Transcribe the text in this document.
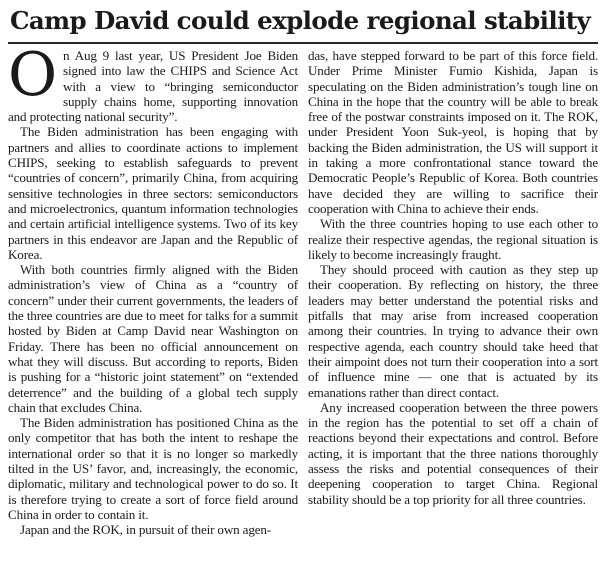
Camp David could explode regional stability

On Aug 9 last year, US President Joe Biden signed into law the CHIPS and Science Act with a view to “bringing semiconductor supply chains home, supporting innovation and protecting national security”.

The Biden administration has been engaging with partners and allies to coordinate actions to implement CHIPS, seeking to establish safeguards to prevent “countries of concern”, primarily China, from acquiring sensitive technologies in three sectors: semiconductors and microelectronics, quantum information technologies and certain artificial intelligence systems. Two of its key partners in this endeavor are Japan and the Republic of Korea.

With both countries firmly aligned with the Biden administration’s view of China as a “country of concern” under their current governments, the leaders of the three countries are due to meet for talks for a summit hosted by Biden at Camp David near Washington on Friday. There has been no official announcement on what they will discuss. But according to reports, Biden is pushing for a “historic joint statement” on “extended deterrence” and the building of a global tech supply chain that excludes China.

The Biden administration has positioned China as the only competitor that has both the intent to reshape the international order so that it is no longer so markedly tilted in the US’ favor, and, increasingly, the economic, diplomatic, military and technological power to do so. It is therefore trying to create a sort of force field around China in order to contain it.

Japan and the ROK, in pursuit of their own agen-

das, have stepped forward to be part of this force field. Under Prime Minister Fumio Kishida, Japan is speculating on the Biden administration’s tough line on China in the hope that the country will be able to break free of the postwar constraints imposed on it. The ROK, under President Yoon Suk-yeol, is hoping that by backing the Biden administration, the US will support it in taking a more confrontational stance toward the Democratic People’s Republic of Korea. Both countries have decided they are willing to sacrifice their cooperation with China to achieve their ends.

With the three countries hoping to use each other to realize their respective agendas, the regional situation is likely to become increasingly fraught.

They should proceed with caution as they step up their cooperation. By reflecting on history, the three leaders may better understand the potential risks and pitfalls that may arise from increased cooperation among their countries. In trying to advance their own respective agenda, each country should take heed that their aimpoint does not turn their cooperation into a sort of influence mine — one that is actuated by its emanations rather than direct contact.

Any increased cooperation between the three powers in the region has the potential to set off a chain of reactions beyond their expectations and control. Before acting, it is important that the three nations thoroughly assess the risks and potential consequences of their deepening cooperation to target China. Regional stability should be a top priority for all three countries.
